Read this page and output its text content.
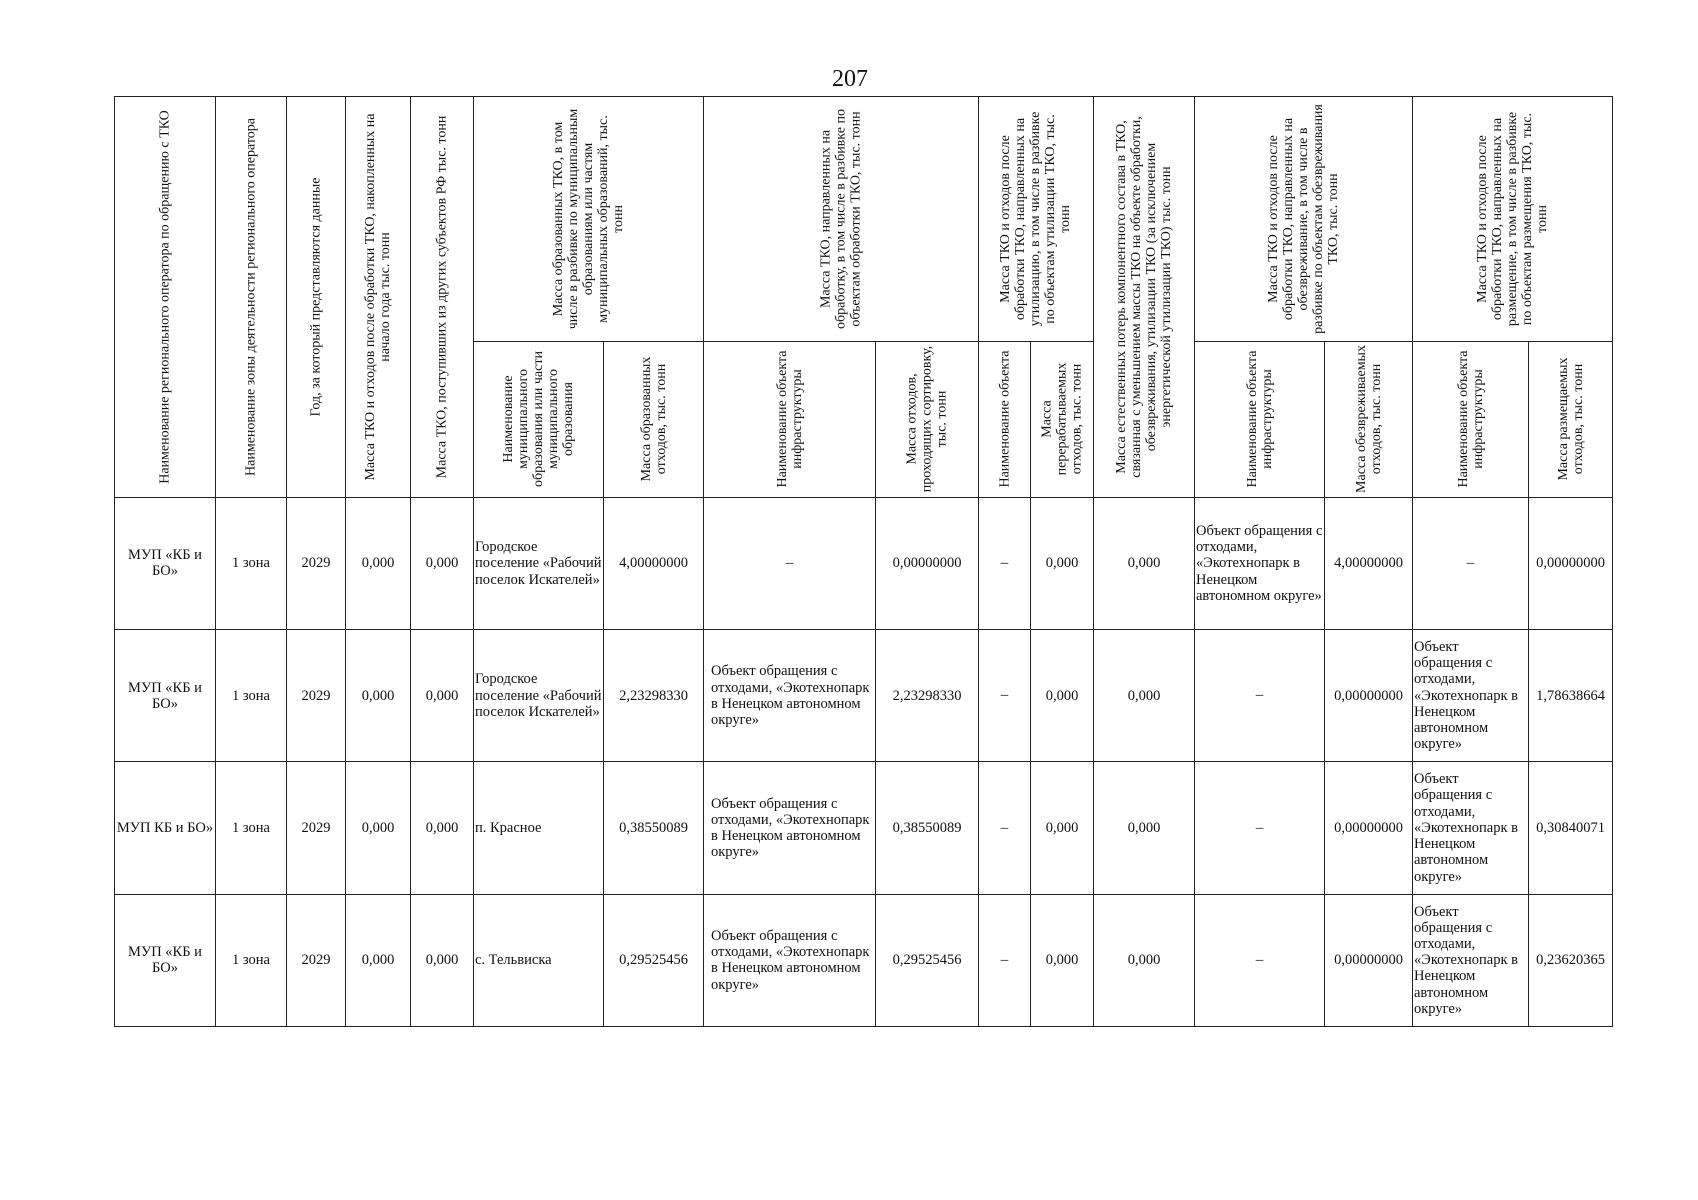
207
Наименование регионального оператора по обращению с ТКО	Наименование зоны деятельности регионального оператора	Год, за который представляются данные	Масса ТКО и отходов после обработки ТКО, накопленных на начало года тыс. тонн	Масса ТКО, поступивших из других субъектов РФ тыс. тонн	Масса образованных ТКО, в том числе в разбивке по муниципальным образованиям или частям муниципальных образований, тыс. тонн		Масса ТКО, направленных на обработку, в том числе в разбивке по объектам обработки ТКО, тыс. тонн		Масса ТКО и отходов после обработки ТКО, направленных на утилизацию, в том числе в разбивке по объектам утилизации ТКО, тыс. тонн		Масса естественных потерь компонентного состава в ТКО, связанная с уменьшением массы ТКО на объекте обработки, обезвреживания, утилизации ТКО (за исключением энергетической утилизации ТКО) тыс. тонн	Масса ТКО и отходов после обработки ТКО, направленных на обезвреживание, в том числе в разбивке по объектам обезвреживания ТКО, тыс. тонн		Масса ТКО и отходов после обработки ТКО, направленных на размещение, в том числе в разбивке по объектам размещения ТКО, тыс. тонн	

					Наименование муниципального образования или части муниципального образования	Масса образованных отходов, тыс. тонн	Наименование объекта инфраструктуры	Масса отходов, проходящих сортировку, тыс. тонн	Наименование объекта	Масса перерабатываемых отходов, тыс. тонн		Наименование объекта инфраструктуры	Масса обезвреживаемых отходов, тыс. тонн	Наименование объекта инфраструктуры	Масса размещаемых отходов, тыс. тонн

МУП «КБ и БО»	1 зона	2029	0,000	0,000	Городское поселение «Рабочий поселок Искателей»	4,00000000	–	0,00000000	–	0,000	0,000	Объект обращения с отходами, «Экотехнопарк в Ненецком автономном округе»	4,00000000	–	0,00000000
МУП «КБ и БО»	1 зона	2029	0,000	0,000	Городское поселение «Рабочий поселок Искателей»	2,23298330	Объект обращения с отходами, «Экотехнопарк в Ненецком автономном округе»	2,23298330	–	0,000	0,000	–	0,00000000	Объект обращения с отходами, «Экотехнопарк в Ненецком автономном округе»	1,78638664
МУП КБ и БО»	1 зона	2029	0,000	0,000	п. Красное	0,38550089	Объект обращения с отходами, «Экотехнопарк в Ненецком автономном округе»	0,38550089	–	0,000	0,000	–	0,00000000	Объект обращения с отходами, «Экотехнопарк в Ненецком автономном округе»	0,30840071
МУП «КБ и БО»	1 зона	2029	0,000	0,000	с. Тельвиска	0,29525456	Объект обращения с отходами, «Экотехнопарк в Ненецком автономном округе»	0,29525456	–	0,000	0,000	–	0,00000000	Объект обращения с отходами, «Экотехнопарк в Ненецком автономном округе»	0,23620365
